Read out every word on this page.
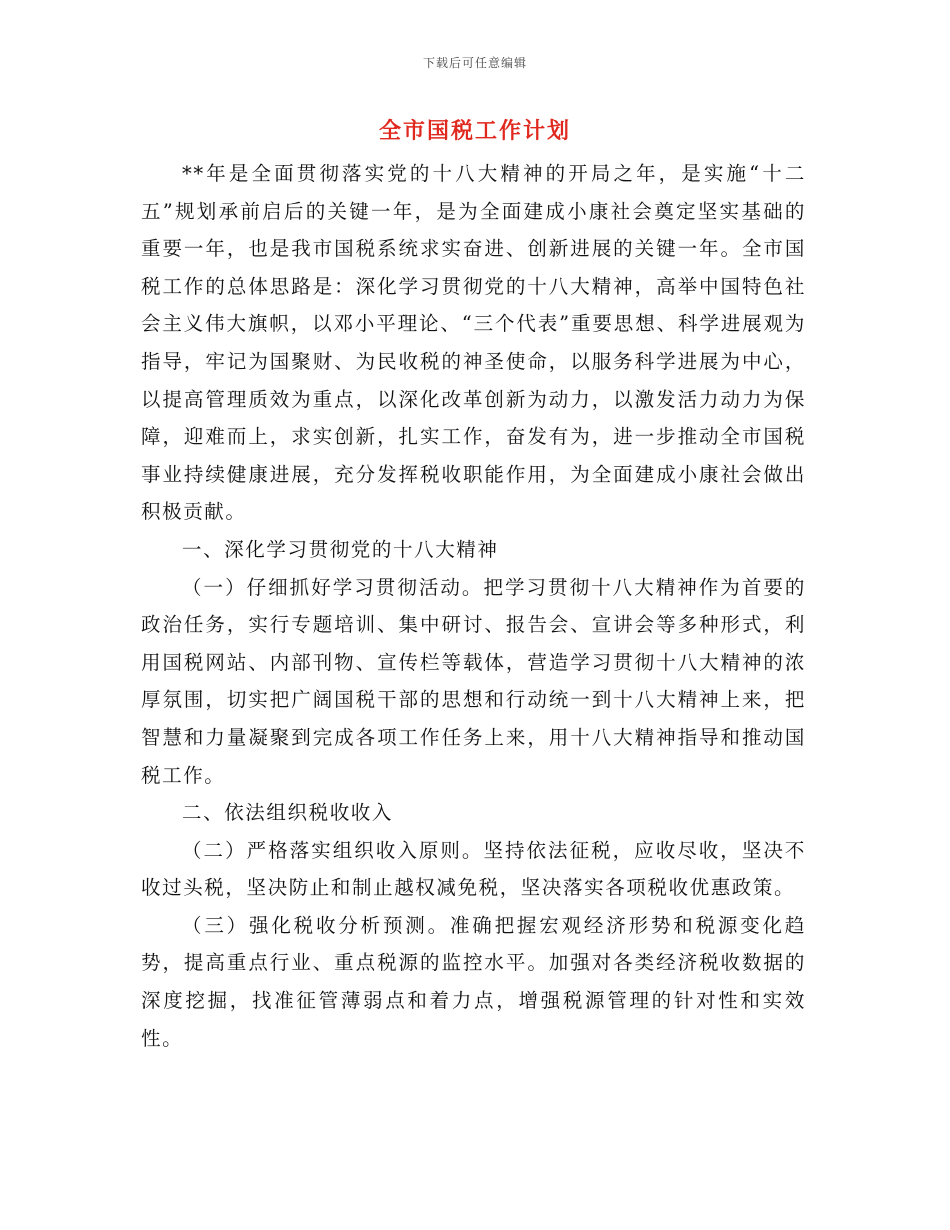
下载后可任意编辑
全市国税工作计划

**年是全面贯彻落实党的十八大精神的开局之年，是实施“十二五”规划承前启后的关键一年，是为全面建成小康社会奠定坚实基础的重要一年，也是我市国税系统求实奋进、创新进展的关键一年。全市国税工作的总体思路是：深化学习贯彻党的十八大精神，高举中国特色社会主义伟大旗帜，以邓小平理论、“三个代表”重要思想、科学进展观为指导，牢记为国聚财、为民收税的神圣使命，以服务科学进展为中心，以提高管理质效为重点，以深化改革创新为动力，以激发活力动力为保障，迎难而上，求实创新，扎实工作，奋发有为，进一步推动全市国税事业持续健康进展，充分发挥税收职能作用，为全面建成小康社会做出积极贡献。

一、深化学习贯彻党的十八大精神

（一）仔细抓好学习贯彻活动。把学习贯彻十八大精神作为首要的政治任务，实行专题培训、集中研讨、报告会、宣讲会等多种形式，利用国税网站、内部刊物、宣传栏等载体，营造学习贯彻十八大精神的浓厚氛围，切实把广阔国税干部的思想和行动统一到十八大精神上来，把智慧和力量凝聚到完成各项工作任务上来，用十八大精神指导和推动国税工作。

二、依法组织税收收入

（二）严格落实组织收入原则。坚持依法征税，应收尽收，坚决不收过头税，坚决防止和制止越权减免税，坚决落实各项税收优惠政策。

（三）强化税收分析预测。准确把握宏观经济形势和税源变化趋势，提高重点行业、重点税源的监控水平。加强对各类经济税收数据的深度挖掘，找准征管薄弱点和着力点，增强税源管理的针对性和实效性。
